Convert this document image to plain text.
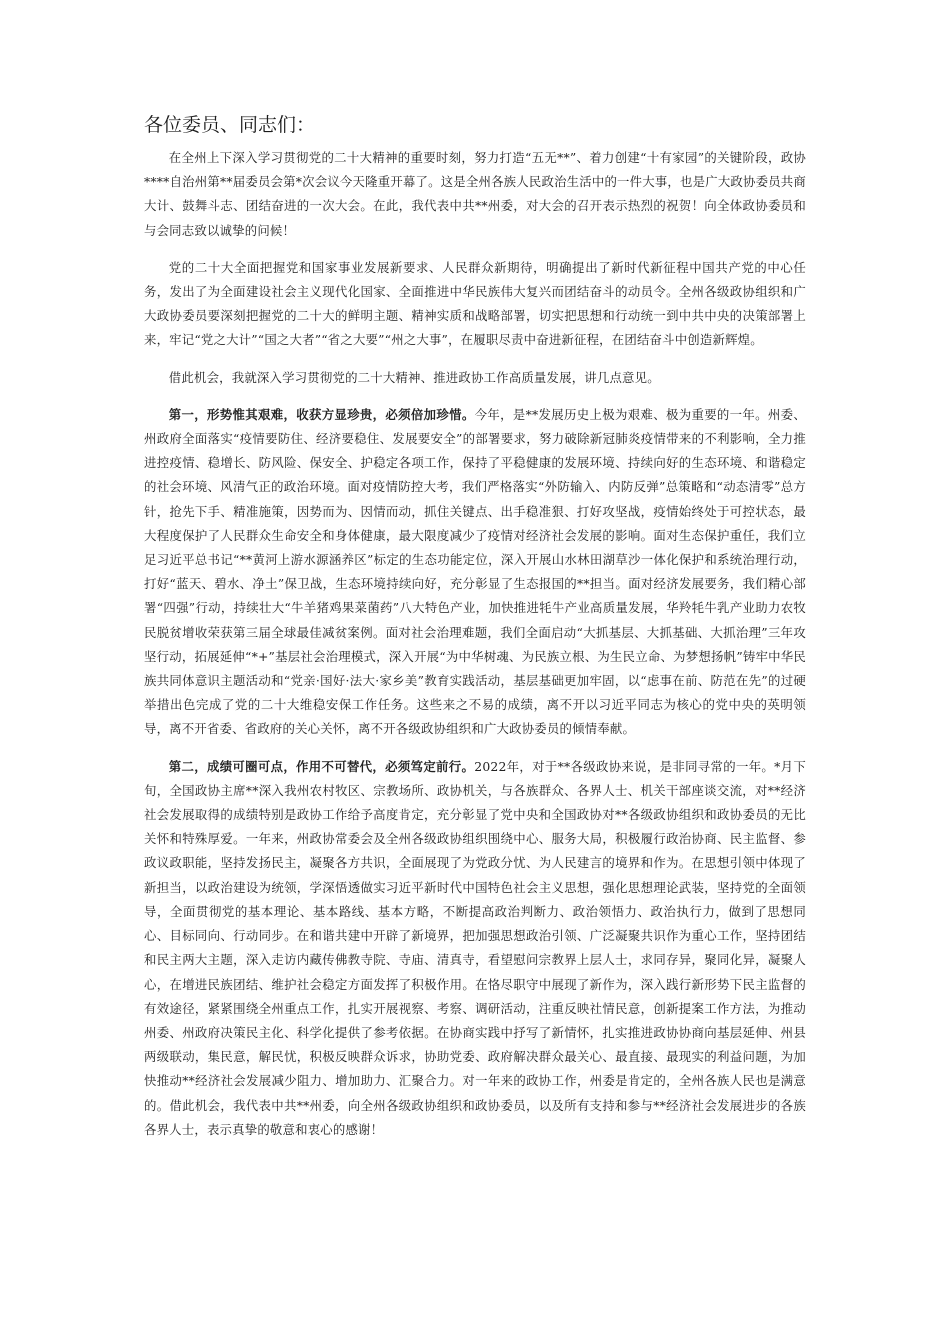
各位委员、同志们：

在全州上下深入学习贯彻党的二十大精神的重要时刻，努力打造“五无**”、着力创建“十有家园”的关键阶段，政协****自治州第**届委员会第*次会议今天隆重开幕了。这是全州各族人民政治生活中的一件大事，也是广大政协委员共商大计、鼓舞斗志、团结奋进的一次大会。在此，我代表中共**州委，对大会的召开表示热烈的祝贺！向全体政协委员和与会同志致以诚挚的问候！

党的二十大全面把握党和国家事业发展新要求、人民群众新期待，明确提出了新时代新征程中国共产党的中心任务，发出了为全面建设社会主义现代化国家、全面推进中华民族伟大复兴而团结奋斗的动员令。全州各级政协组织和广大政协委员要深刻把握党的二十大的鲜明主题、精神实质和战略部署，切实把思想和行动统一到中共中央的决策部署上来，牢记“党之大计”“国之大者”“省之大要”“州之大事”，在履职尽责中奋进新征程，在团结奋斗中创造新辉煌。

借此机会，我就深入学习贯彻党的二十大精神、推进政协工作高质量发展，讲几点意见。

第一，形势惟其艰难，收获方显珍贵，必须倍加珍惜。今年，是**发展历史上极为艰难、极为重要的一年。州委、州政府全面落实“疫情要防住、经济要稳住、发展要安全”的部署要求，努力破除新冠肺炎疫情带来的不利影响，全力推进控疫情、稳增长、防风险、保安全、护稳定各项工作，保持了平稳健康的发展环境、持续向好的生态环境、和谐稳定的社会环境、风清气正的政治环境。面对疫情防控大考，我们严格落实“外防输入、内防反弹”总策略和“动态清零”总方针，抢先下手、精准施策，因势而为、因情而动，抓住关键点、出手稳准狠、打好攻坚战，疫情始终处于可控状态，最大程度保护了人民群众生命安全和身体健康，最大限度减少了疫情对经济社会发展的影响。面对生态保护重任，我们立足习近平总书记“**黄河上游水源涵养区”标定的生态功能定位，深入开展山水林田湖草沙一体化保护和系统治理行动，打好“蓝天、碧水、净土”保卫战，生态环境持续向好，充分彰显了生态报国的**担当。面对经济发展要务，我们精心部署“四强”行动，持续壮大“牛羊猪鸡果菜菌药”八大特色产业，加快推进牦牛产业高质量发展，华羚牦牛乳产业助力农牧民脱贫增收荣获第三届全球最佳减贫案例。面对社会治理难题，我们全面启动“大抓基层、大抓基础、大抓治理”三年攻坚行动，拓展延伸“*+”基层社会治理模式，深入开展“为中华树魂、为民族立根、为生民立命、为梦想扬帆”铸牢中华民族共同体意识主题活动和“党亲·国好·法大·家乡美”教育实践活动，基层基础更加牢固，以“虑事在前、防范在先”的过硬举措出色完成了党的二十大维稳安保工作任务。这些来之不易的成绩，离不开以习近平同志为核心的党中央的英明领导，离不开省委、省政府的关心关怀，离不开各级政协组织和广大政协委员的倾情奉献。

第二，成绩可圈可点，作用不可替代，必须笃定前行。2022年，对于**各级政协来说，是非同寻常的一年。*月下旬，全国政协主席**深入我州农村牧区、宗教场所、政协机关，与各族群众、各界人士、机关干部座谈交流，对**经济社会发展取得的成绩特别是政协工作给予高度肯定，充分彰显了党中央和全国政协对**各级政协组织和政协委员的无比关怀和特殊厚爱。一年来，州政协常委会及全州各级政协组织围绕中心、服务大局，积极履行政治协商、民主监督、参政议政职能，坚持发扬民主，凝聚各方共识，全面展现了为党政分忧、为人民建言的境界和作为。在思想引领中体现了新担当，以政治建设为统领，学深悟透做实习近平新时代中国特色社会主义思想，强化思想理论武装，坚持党的全面领导，全面贯彻党的基本理论、基本路线、基本方略，不断提高政治判断力、政治领悟力、政治执行力，做到了思想同心、目标同向、行动同步。在和谐共建中开辟了新境界，把加强思想政治引领、广泛凝聚共识作为重心工作，坚持团结和民主两大主题，深入走访内藏传佛教寺院、寺庙、清真寺，看望慰问宗教界上层人士，求同存异，聚同化异，凝聚人心，在增进民族团结、维护社会稳定方面发挥了积极作用。在恪尽职守中展现了新作为，深入践行新形势下民主监督的有效途径，紧紧围绕全州重点工作，扎实开展视察、考察、调研活动，注重反映社情民意，创新提案工作方法，为推动州委、州政府决策民主化、科学化提供了参考依据。在协商实践中抒写了新情怀，扎实推进政协协商向基层延伸、州县两级联动，集民意，解民忧，积极反映群众诉求，协助党委、政府解决群众最关心、最直接、最现实的利益问题，为加快推动**经济社会发展减少阻力、增加助力、汇聚合力。对一年来的政协工作，州委是肯定的，全州各族人民也是满意的。借此机会，我代表中共**州委，向全州各级政协组织和政协委员，以及所有支持和参与**经济社会发展进步的各族各界人士，表示真挚的敬意和衷心的感谢！
